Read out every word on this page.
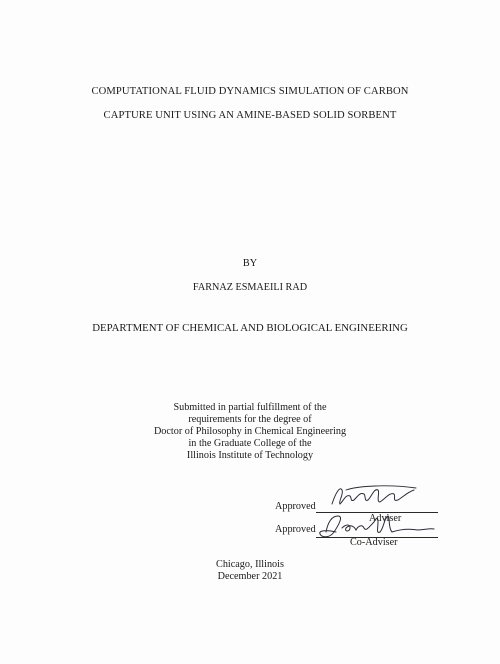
COMPUTATIONAL FLUID DYNAMICS SIMULATION OF CARBON
CAPTURE UNIT USING AN AMINE-BASED SOLID SORBENT
BY
FARNAZ ESMAEILI RAD
DEPARTMENT OF CHEMICAL AND BIOLOGICAL ENGINEERING
Submitted in partial fulfillment of the
requirements for the degree of
Doctor of Philosophy in Chemical Engineering
in the Graduate College of the
Illinois Institute of Technology
Approved
Adviser
Approved
Co-Adviser
Chicago, Illinois
December 2021
